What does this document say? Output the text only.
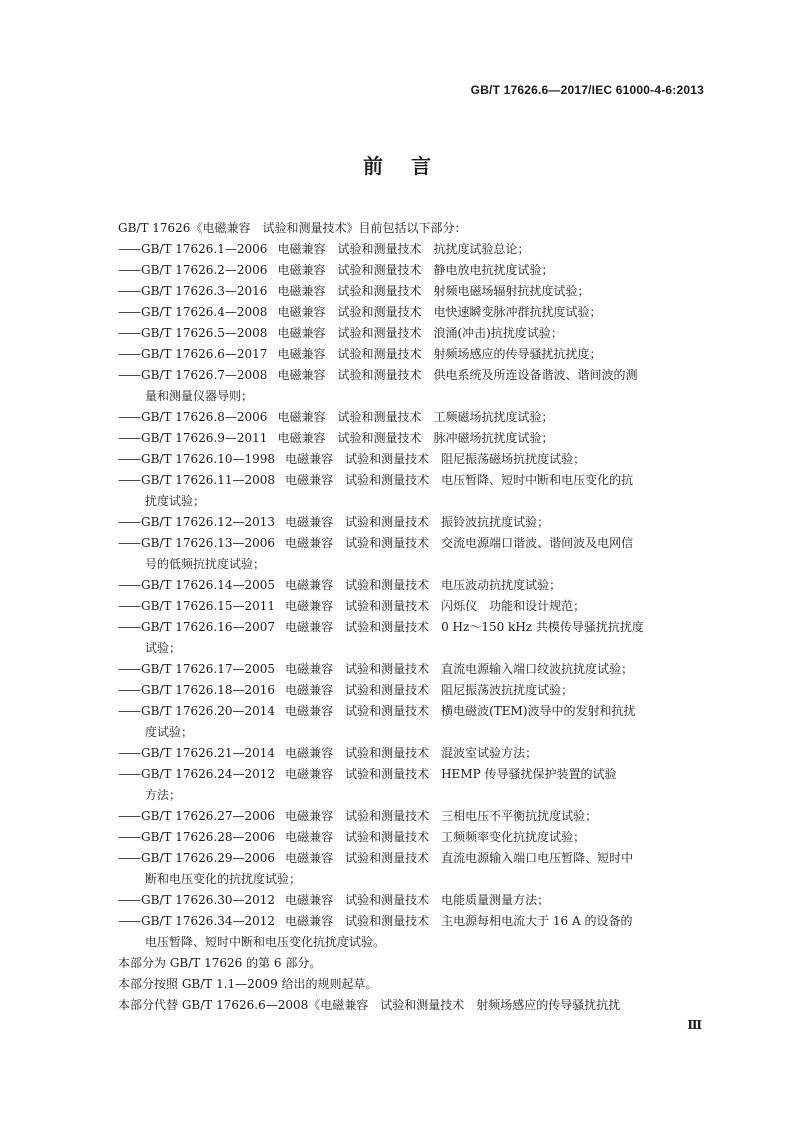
GB/T 17626.6—2017/IEC 61000-4-6:2013
前言
GB/T 17626《电磁兼容　试验和测量技术》目前包括以下部分：
—— GB/T 17626.1—2006 电磁兼容 试验和测量技术 抗扰度试验总论；
—— GB/T 17626.2—2006 电磁兼容 试验和测量技术 静电放电抗扰度试验；
—— GB/T 17626.3—2016 电磁兼容 试验和测量技术 射频电磁场辐射抗扰度试验；
—— GB/T 17626.4—2008 电磁兼容 试验和测量技术 电快速瞬变脉冲群抗扰度试验；
—— GB/T 17626.5—2008 电磁兼容 试验和测量技术 浪涌(冲击)抗扰度试验；
—— GB/T 17626.6—2017 电磁兼容 试验和测量技术 射频场感应的传导骚扰抗扰度；
—— GB/T 17626.7—2008 电磁兼容 试验和测量技术 供电系统及所连设备谐波、谐间波的测
量和测量仪器导则；
—— GB/T 17626.8—2006 电磁兼容 试验和测量技术 工频磁场抗扰度试验；
—— GB/T 17626.9—2011 电磁兼容 试验和测量技术 脉冲磁场抗扰度试验；
—— GB/T 17626.10—1998 电磁兼容 试验和测量技术 阻尼振荡磁场抗扰度试验；
—— GB/T 17626.11—2008 电磁兼容 试验和测量技术 电压暂降、短时中断和电压变化的抗
扰度试验；
—— GB/T 17626.12—2013 电磁兼容 试验和测量技术 振铃波抗扰度试验；
—— GB/T 17626.13—2006 电磁兼容 试验和测量技术 交流电源端口谐波、谐间波及电网信
号的低频抗扰度试验；
—— GB/T 17626.14—2005 电磁兼容 试验和测量技术 电压波动抗扰度试验；
—— GB/T 17626.15—2011 电磁兼容 试验和测量技术 闪烁仪　功能和设计规范；
—— GB/T 17626.16—2007 电磁兼容 试验和测量技术 0 Hz～150 kHz 共模传导骚扰抗扰度
试验；
—— GB/T 17626.17—2005 电磁兼容 试验和测量技术 直流电源输入端口纹波抗扰度试验；
—— GB/T 17626.18—2016 电磁兼容 试验和测量技术 阻尼振荡波抗扰度试验；
—— GB/T 17626.20—2014 电磁兼容 试验和测量技术 横电磁波(TEM)波导中的发射和抗扰
度试验；
—— GB/T 17626.21—2014 电磁兼容 试验和测量技术 混波室试验方法；
—— GB/T 17626.24—2012 电磁兼容 试验和测量技术 HEMP 传导骚扰保护装置的试验
方法；
—— GB/T 17626.27—2006 电磁兼容 试验和测量技术 三相电压不平衡抗扰度试验；
—— GB/T 17626.28—2006 电磁兼容 试验和测量技术 工频频率变化抗扰度试验；
—— GB/T 17626.29—2006 电磁兼容 试验和测量技术 直流电源输入端口电压暂降、短时中
断和电压变化的抗扰度试验；
—— GB/T 17626.30—2012 电磁兼容 试验和测量技术 电能质量测量方法；
—— GB/T 17626.34—2012 电磁兼容 试验和测量技术 主电源每相电流大于 16 A 的设备的
电压暂降、短时中断和电压变化抗扰度试验。
本部分为 GB/T 17626 的第 6 部分。
本部分按照 GB/T 1.1—2009 给出的规则起草。
本部分代替 GB/T 17626.6—2008《电磁兼容　试验和测量技术　射频场感应的传导骚扰抗扰
Ⅲ
